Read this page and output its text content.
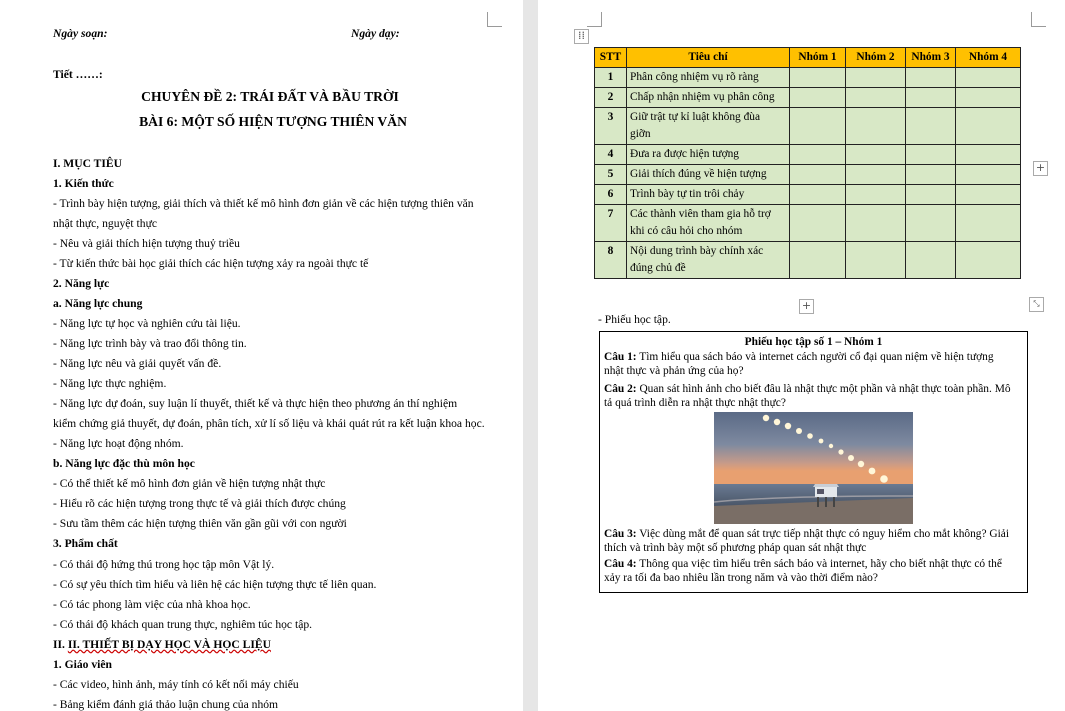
Ngày soạn:	Ngày dạy:
Tiết ……:
CHUYÊN ĐỀ 2: TRÁI ĐẤT VÀ BẦU TRỜI
BÀI 6: MỘT SỐ HIỆN TƯỢNG THIÊN VĂN
I. MỤC TIÊU
1. Kiến thức
- Trình bày hiện tượng, giải thích và thiết kế mô hình đơn giản về các hiện tượng thiên văn
nhật thực, nguyệt thực
- Nêu và giải thích hiện tượng thuỷ triều
- Từ kiến thức bài học giải thích các hiện tượng xảy ra ngoài thực tế
2. Năng lực
a. Năng lực chung
- Năng lực tự học và nghiên cứu tài liệu.
- Năng lực trình bày và trao đổi thông tin.
- Năng lực nêu và giải quyết vấn đề.
- Năng lực thực nghiệm.
- Năng lực dự đoán, suy luận lí thuyết, thiết kế và thực hiện theo phương án thí nghiệm
kiểm chứng giả thuyết, dự đoán, phân tích, xử lí số liệu và khái quát rút ra kết luận khoa học.
- Năng lực hoạt động nhóm.
b. Năng lực đặc thù môn học
- Có thể thiết kế mô hình đơn giản về hiện tượng nhật thực
- Hiểu rõ các hiện tượng trong thực tế và giải thích được chúng
- Sưu tầm thêm các hiện tượng thiên văn gần gũi với con người
3. Phẩm chất
- Có thái độ hứng thú trong học tập môn Vật lý.
- Có sự yêu thích tìm hiểu và liên hệ các hiện tượng thực tế liên quan.
- Có tác phong làm việc của nhà khoa học.
- Có thái độ khách quan trung thực, nghiêm túc học tập.
II. II. THIẾT BỊ DẠY HỌC VÀ HỌC LIỆU
1. Giáo viên
- Các video, hình ảnh, máy tính có kết nối máy chiếu
- Bảng kiểm đánh giá thảo luận chung của nhóm
⁞⁞
+
+	⤡
STT	Tiêu chí	Nhóm 1	Nhóm 2	Nhóm 3	Nhóm 4
1	Phân công nhiệm vụ rõ ràng				
2	Chấp nhận nhiệm vụ phân công				
3	Giữ trật tự kỉ luật không đùa
giỡn				
4	Đưa ra được hiện tượng				
5	Giải thích đúng về hiện tượng				
6	Trình bày tự tin trôi chảy				
7	Các thành viên tham gia hỗ trợ
khi có câu hỏi cho nhóm				
8	Nội dung trình bày chính xác
đúng chủ đề				
- Phiếu học tập.
Phiếu học tập số 1 – Nhóm 1
Câu 1: Tìm hiểu qua sách báo và internet cách người cổ đại quan niệm về hiện tượng
nhật thực và phản ứng của họ?
Câu 2: Quan sát hình ảnh cho biết đâu là nhật thực một phần và nhật thực toàn phần. Mô
tả quá trình diễn ra nhật thực nhật thực?
Câu 3: Việc dùng mắt để quan sát trực tiếp nhật thực có nguy hiểm cho mắt không? Giải
thích và trình bày một số phương pháp quan sát nhật thực
Câu 4: Thông qua việc tìm hiểu trên sách báo và internet, hãy cho biết nhật thực có thể
xảy ra tối đa bao nhiêu lần trong năm và vào thời điểm nào?
